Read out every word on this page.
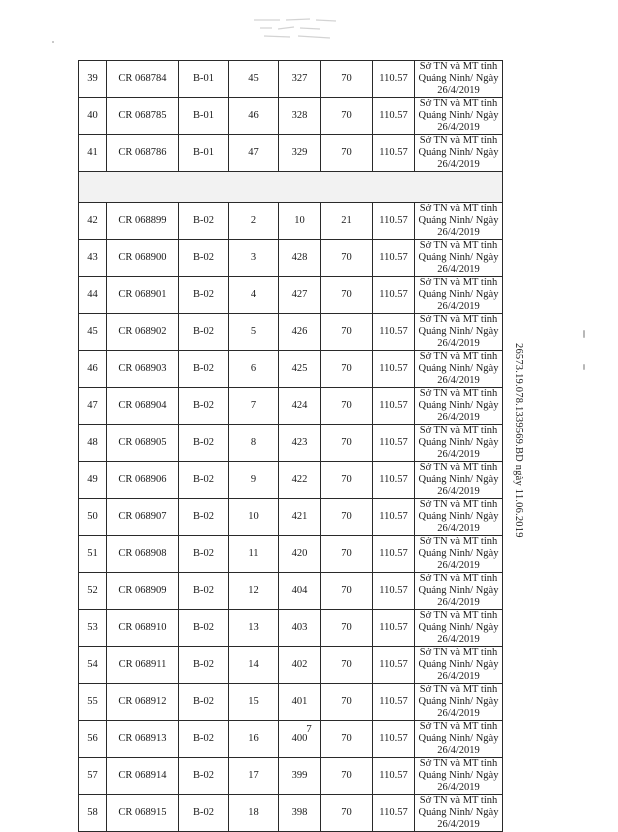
39	CR 068784	B-01	45	327	70	110.57	Sở TN và MT tỉnh Quảng Ninh/ Ngày 26/4/2019
40	CR 068785	B-01	46	328	70	110.57	Sở TN và MT tỉnh Quảng Ninh/ Ngày 26/4/2019
41	CR 068786	B-01	47	329	70	110.57	Sở TN và MT tỉnh Quảng Ninh/ Ngày 26/4/2019

42	CR 068899	B-02	2	10	21	110.57	Sở TN và MT tỉnh Quảng Ninh/ Ngày 26/4/2019
43	CR 068900	B-02	3	428	70	110.57	Sở TN và MT tỉnh Quảng Ninh/ Ngày 26/4/2019
44	CR 068901	B-02	4	427	70	110.57	Sở TN và MT tỉnh Quảng Ninh/ Ngày 26/4/2019
45	CR 068902	B-02	5	426	70	110.57	Sở TN và MT tỉnh Quảng Ninh/ Ngày 26/4/2019
46	CR 068903	B-02	6	425	70	110.57	Sở TN và MT tỉnh Quảng Ninh/ Ngày 26/4/2019
47	CR 068904	B-02	7	424	70	110.57	Sở TN và MT tỉnh Quảng Ninh/ Ngày 26/4/2019
48	CR 068905	B-02	8	423	70	110.57	Sở TN và MT tỉnh Quảng Ninh/ Ngày 26/4/2019
49	CR 068906	B-02	9	422	70	110.57	Sở TN và MT tỉnh Quảng Ninh/ Ngày 26/4/2019
50	CR 068907	B-02	10	421	70	110.57	Sở TN và MT tỉnh Quảng Ninh/ Ngày 26/4/2019
51	CR 068908	B-02	11	420	70	110.57	Sở TN và MT tỉnh Quảng Ninh/ Ngày 26/4/2019
52	CR 068909	B-02	12	404	70	110.57	Sở TN và MT tỉnh Quảng Ninh/ Ngày 26/4/2019
53	CR 068910	B-02	13	403	70	110.57	Sở TN và MT tỉnh Quảng Ninh/ Ngày 26/4/2019
54	CR 068911	B-02	14	402	70	110.57	Sở TN và MT tỉnh Quảng Ninh/ Ngày 26/4/2019
55	CR 068912	B-02	15	401	70	110.57	Sở TN và MT tỉnh Quảng Ninh/ Ngày 26/4/2019
56	CR 068913	B-02	16	400	70	110.57	Sở TN và MT tỉnh Quảng Ninh/ Ngày 26/4/2019
57	CR 068914	B-02	17	399	70	110.57	Sở TN và MT tỉnh Quảng Ninh/ Ngày 26/4/2019
58	CR 068915	B-02	18	398	70	110.57	Sở TN và MT tỉnh Quảng Ninh/ Ngày 26/4/2019
26573.19.078.1339569.BD ngày 11.06.2019
7
